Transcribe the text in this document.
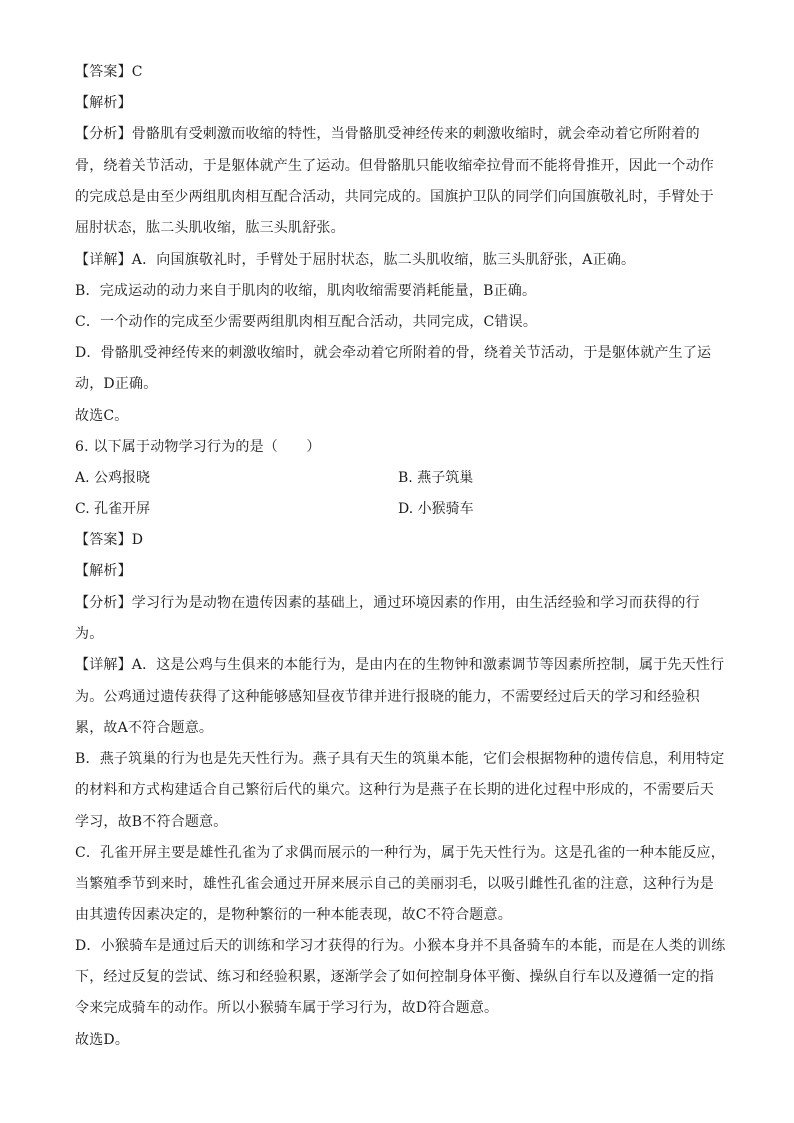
【答案】C
【解析】
【分析】骨骼肌有受刺激而收缩的特性，当骨骼肌受神经传来的刺激收缩时，就会牵动着它所附着的
骨，绕着关节活动，于是躯体就产生了运动。但骨骼肌只能收缩牵拉骨而不能将骨推开，因此一个动作
的完成总是由至少两组肌肉相互配合活动，共同完成的。国旗护卫队的同学们向国旗敬礼时，手臂处于
屈肘状态，肱二头肌收缩，肱三头肌舒张。
【详解】A．向国旗敬礼时，手臂处于屈肘状态，肱二头肌收缩，肱三头肌舒张，A正确。
B．完成运动的动力来自于肌肉的收缩，肌肉收缩需要消耗能量，B正确。
C．一个动作的完成至少需要两组肌肉相互配合活动，共同完成，C错误。
D．骨骼肌受神经传来的刺激收缩时，就会牵动着它所附着的骨，绕着关节活动，于是躯体就产生了运
动，D正确。
故选C。
6. 以下属于动物学习行为的是（　　）
A. 公鸡报晓	B. 燕子筑巢
C. 孔雀开屏	D. 小猴骑车
【答案】D
【解析】
【分析】学习行为是动物在遗传因素的基础上，通过环境因素的作用，由生活经验和学习而获得的行
为。
【详解】A．这是公鸡与生俱来的本能行为，是由内在的生物钟和激素调节等因素所控制，属于先天性行
为。公鸡通过遗传获得了这种能够感知昼夜节律并进行报晓的能力，不需要经过后天的学习和经验积
累，故A不符合题意。
B．燕子筑巢的行为也是先天性行为。燕子具有天生的筑巢本能，它们会根据物种的遗传信息，利用特定
的材料和方式构建适合自己繁衍后代的巢穴。这种行为是燕子在长期的进化过程中形成的，不需要后天
学习，故B不符合题意。
C．孔雀开屏主要是雄性孔雀为了求偶而展示的一种行为，属于先天性行为。这是孔雀的一种本能反应，
当繁殖季节到来时，雄性孔雀会通过开屏来展示自己的美丽羽毛，以吸引雌性孔雀的注意，这种行为是
由其遗传因素决定的，是物种繁衍的一种本能表现，故C不符合题意。
D．小猴骑车是通过后天的训练和学习才获得的行为。小猴本身并不具备骑车的本能，而是在人类的训练
下，经过反复的尝试、练习和经验积累，逐渐学会了如何控制身体平衡、操纵自行车以及遵循一定的指
令来完成骑车的动作。所以小猴骑车属于学习行为，故D符合题意。
故选D。
